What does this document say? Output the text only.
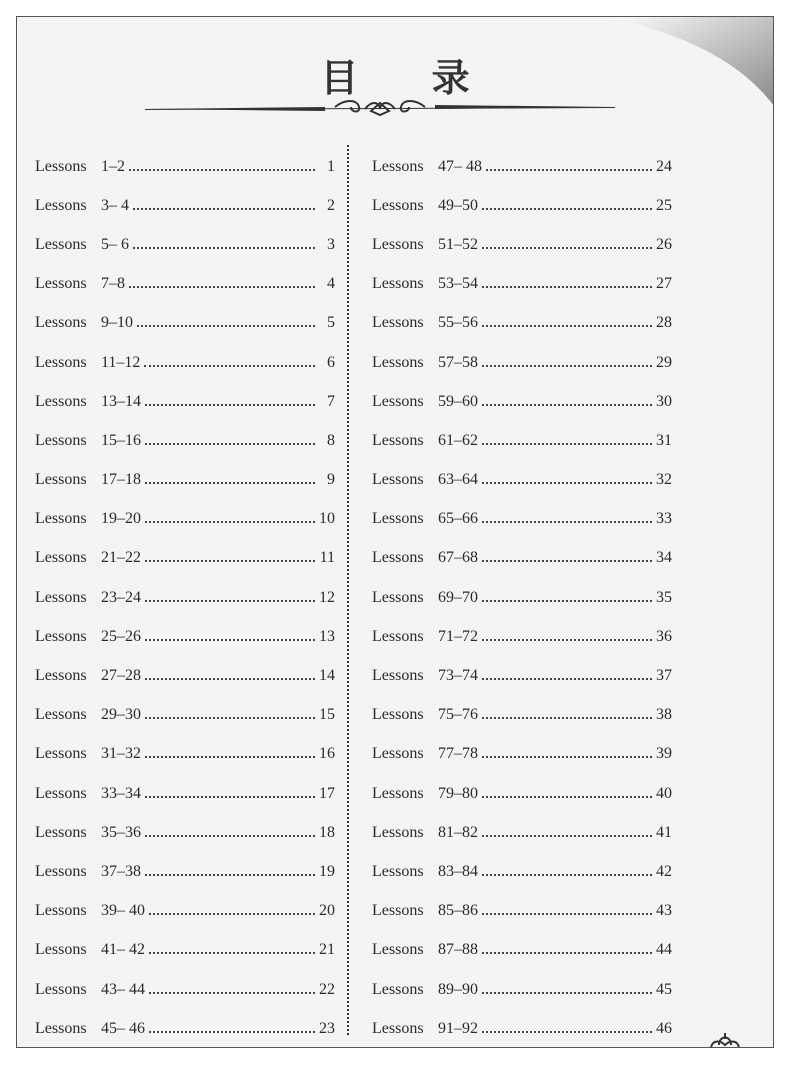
目 录
Lessons 1–2	1
Lessons 3– 4	2
Lessons 5– 6	3
Lessons 7–8	4
Lessons 9–10	5
Lessons 11–12	6
Lessons 13–14	7
Lessons 15–16	8
Lessons 17–18	9
Lessons 19–20	10
Lessons 21–22	11
Lessons 23–24	12
Lessons 25–26	13
Lessons 27–28	14
Lessons 29–30	15
Lessons 31–32	16
Lessons 33–34	17
Lessons 35–36	18
Lessons 37–38	19
Lessons 39– 40	20
Lessons 41– 42	21
Lessons 43– 44	22
Lessons 45– 46	23
Lessons 47– 48	24
Lessons 49–50	25
Lessons 51–52	26
Lessons 53–54	27
Lessons 55–56	28
Lessons 57–58	29
Lessons 59–60	30
Lessons 61–62	31
Lessons 63–64	32
Lessons 65–66	33
Lessons 67–68	34
Lessons 69–70	35
Lessons 71–72	36
Lessons 73–74	37
Lessons 75–76	38
Lessons 77–78	39
Lessons 79–80	40
Lessons 81–82	41
Lessons 83–84	42
Lessons 85–86	43
Lessons 87–88	44
Lessons 89–90	45
Lessons 91–92	46
